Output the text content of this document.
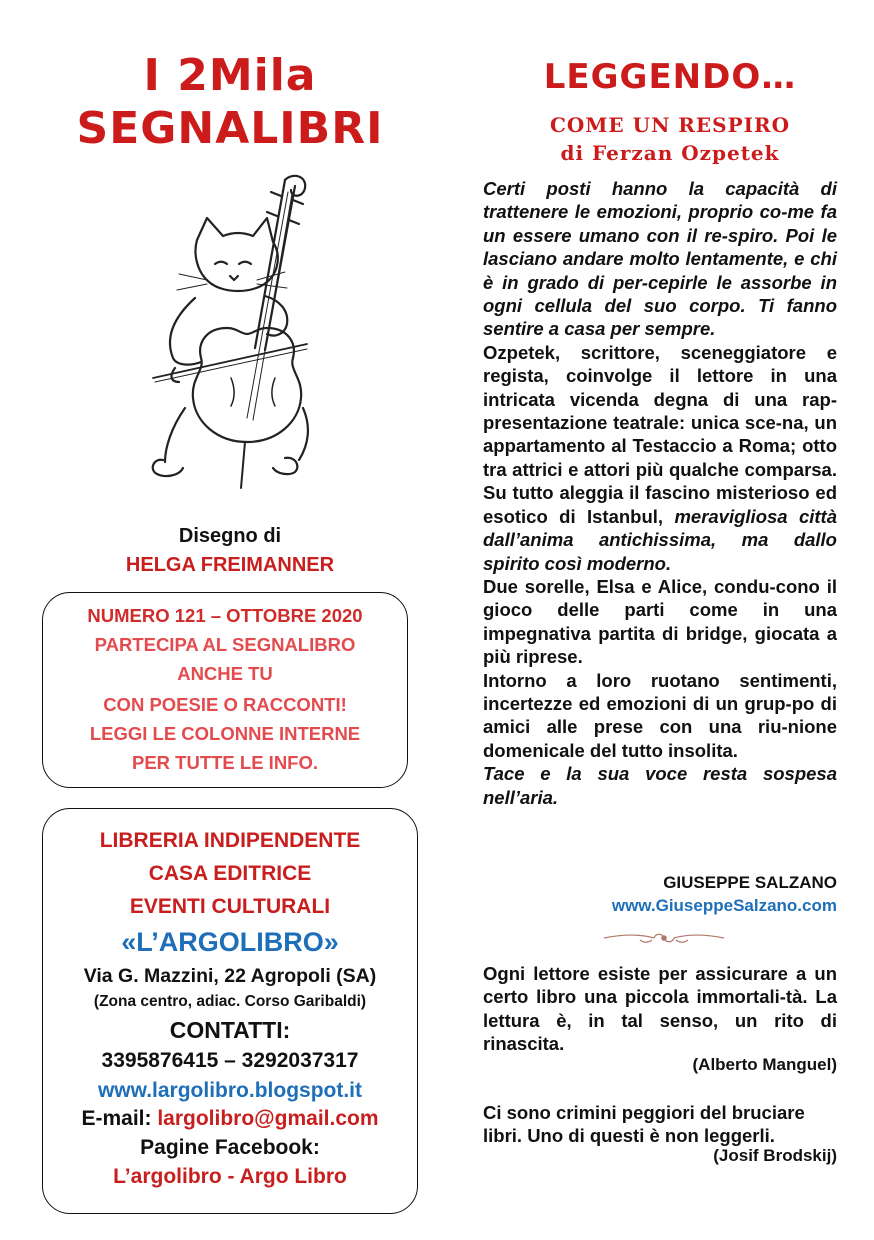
I 2Mila
SEGNALIBRI
Disegno di
HELGA FREIMANNER
NUMERO 121 – OTTOBRE 2020
PARTECIPA AL SEGNALIBRO
ANCHE TU
CON POESIE O RACCONTI!
LEGGI LE COLONNE INTERNE
PER TUTTE LE INFO.
LIBRERIA INDIPENDENTE
CASA EDITRICE
EVENTI CULTURALI
«L’ARGOLIBRO»
Via G. Mazzini, 22 Agropoli (SA)
(Zona centro, adiac. Corso Garibaldi)
CONTATTI:
3395876415 – 3292037317
www.largolibro.blogspot.it
E-mail: largolibro@gmail.com
Pagine Facebook:
L’argolibro - Argo Libro
LEGGENDO…
COME UN RESPIRO
di Ferzan Ozpetek

Certi posti hanno la capacità di trattenere le emozioni, proprio co-me fa un essere umano con il re-spiro. Poi le lasciano andare molto lentamente, e chi è in grado di per-cepirle le assorbe in ogni cellula del suo corpo. Ti fanno sentire a casa per sempre.

Ozpetek, scrittore, sceneggiatore e regista, coinvolge il lettore in una intricata vicenda degna di una rap-presentazione teatrale: unica sce-na, un appartamento al Testaccio a Roma; otto tra attrici e attori più qualche comparsa. Su tutto aleggia il fascino misterioso ed esotico di Istanbul, meravigliosa città dall’anima antichissima, ma dallo spirito così moderno.

Due sorelle, Elsa e Alice, condu-cono il gioco delle parti come in una impegnativa partita di bridge, giocata a più riprese.

Intorno a loro ruotano sentimenti, incertezze ed emozioni di un grup-po di amici alle prese con una riu-nione domenicale del tutto insolita.

Tace e la sua voce resta sospesa nell’aria.

GIUSEPPE SALZANO
www.GiuseppeSalzano.com
Ogni lettore esiste per assicurare a un certo libro una piccola immortali-tà. La lettura è, in tal senso, un rito di rinascita.
(Alberto Manguel)
Ci sono crimini peggiori del bruciare libri. Uno di questi è non leggerli.
(Josif Brodskij)
